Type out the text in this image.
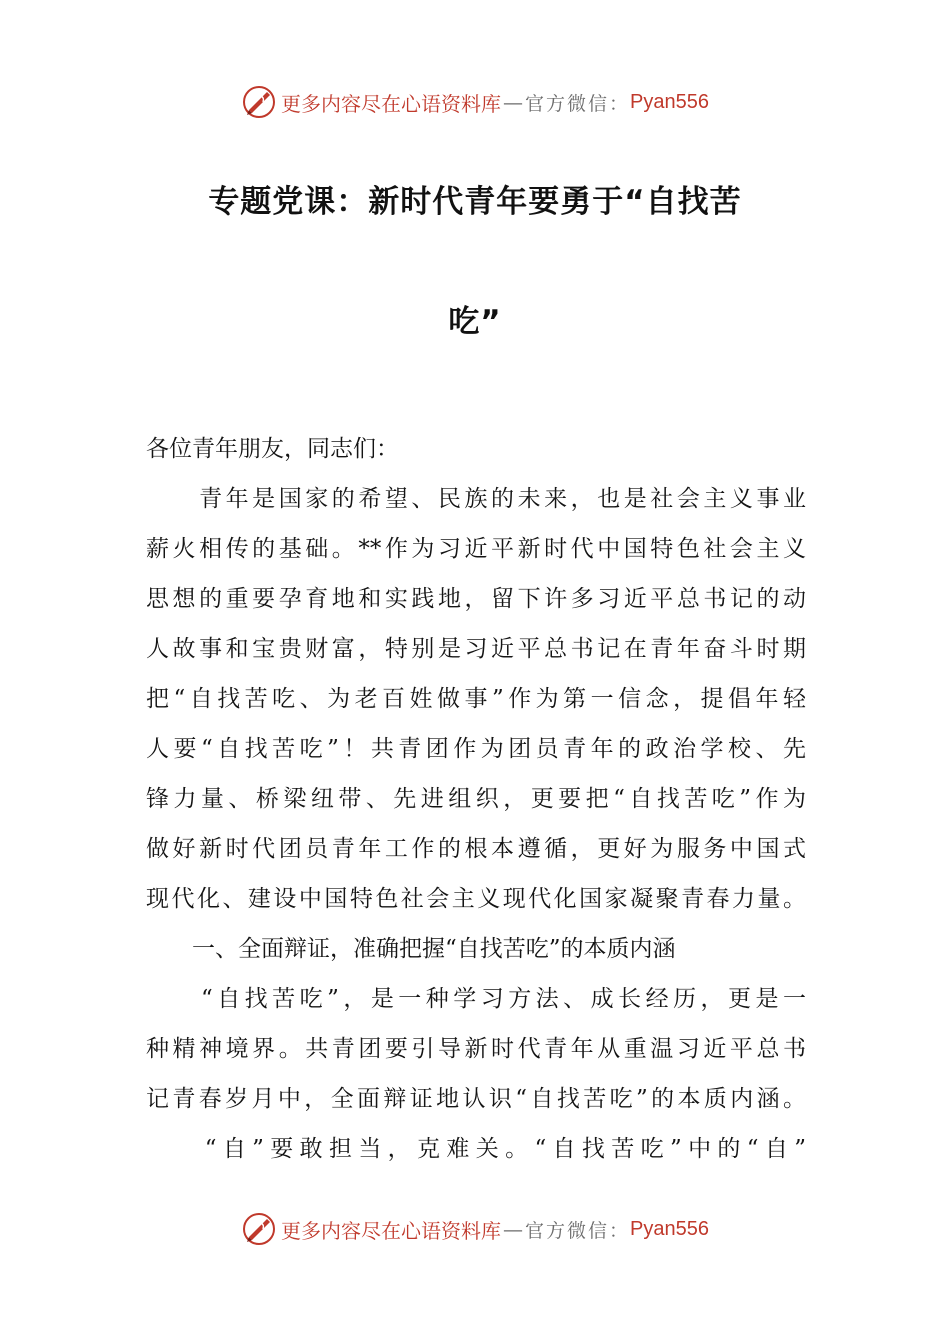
更多内容尽在心语资料库 — 官方微信： Pyan556
专题党课：新时代青年要勇于“自找苦
吃”
各位青年朋友，同志们：
　　青年是国家的希望、民族的未来，也是社会主义事业
薪火相传的基础。**作为习近平新时代中国特色社会主义
思想的重要孕育地和实践地，留下许多习近平总书记的动
人故事和宝贵财富，特别是习近平总书记在青年奋斗时期
把“自找苦吃、为老百姓做事”作为第一信念，提倡年轻
人要“自找苦吃”！共青团作为团员青年的政治学校、先
锋力量、桥梁纽带、先进组织，更要把“自找苦吃”作为
做好新时代团员青年工作的根本遵循，更好为服务中国式
现代化、建设中国特色社会主义现代化国家凝聚青春力量。
　　一、全面辩证，准确把握“自找苦吃”的本质内涵
　　“自找苦吃”，是一种学习方法、成长经历，更是一
种精神境界。共青团要引导新时代青年从重温习近平总书
记青春岁月中，全面辩证地认识“自找苦吃”的本质内涵。
　　“自”要敢担当，克难关。“自找苦吃”中的“自”
更多内容尽在心语资料库 — 官方微信： Pyan556
